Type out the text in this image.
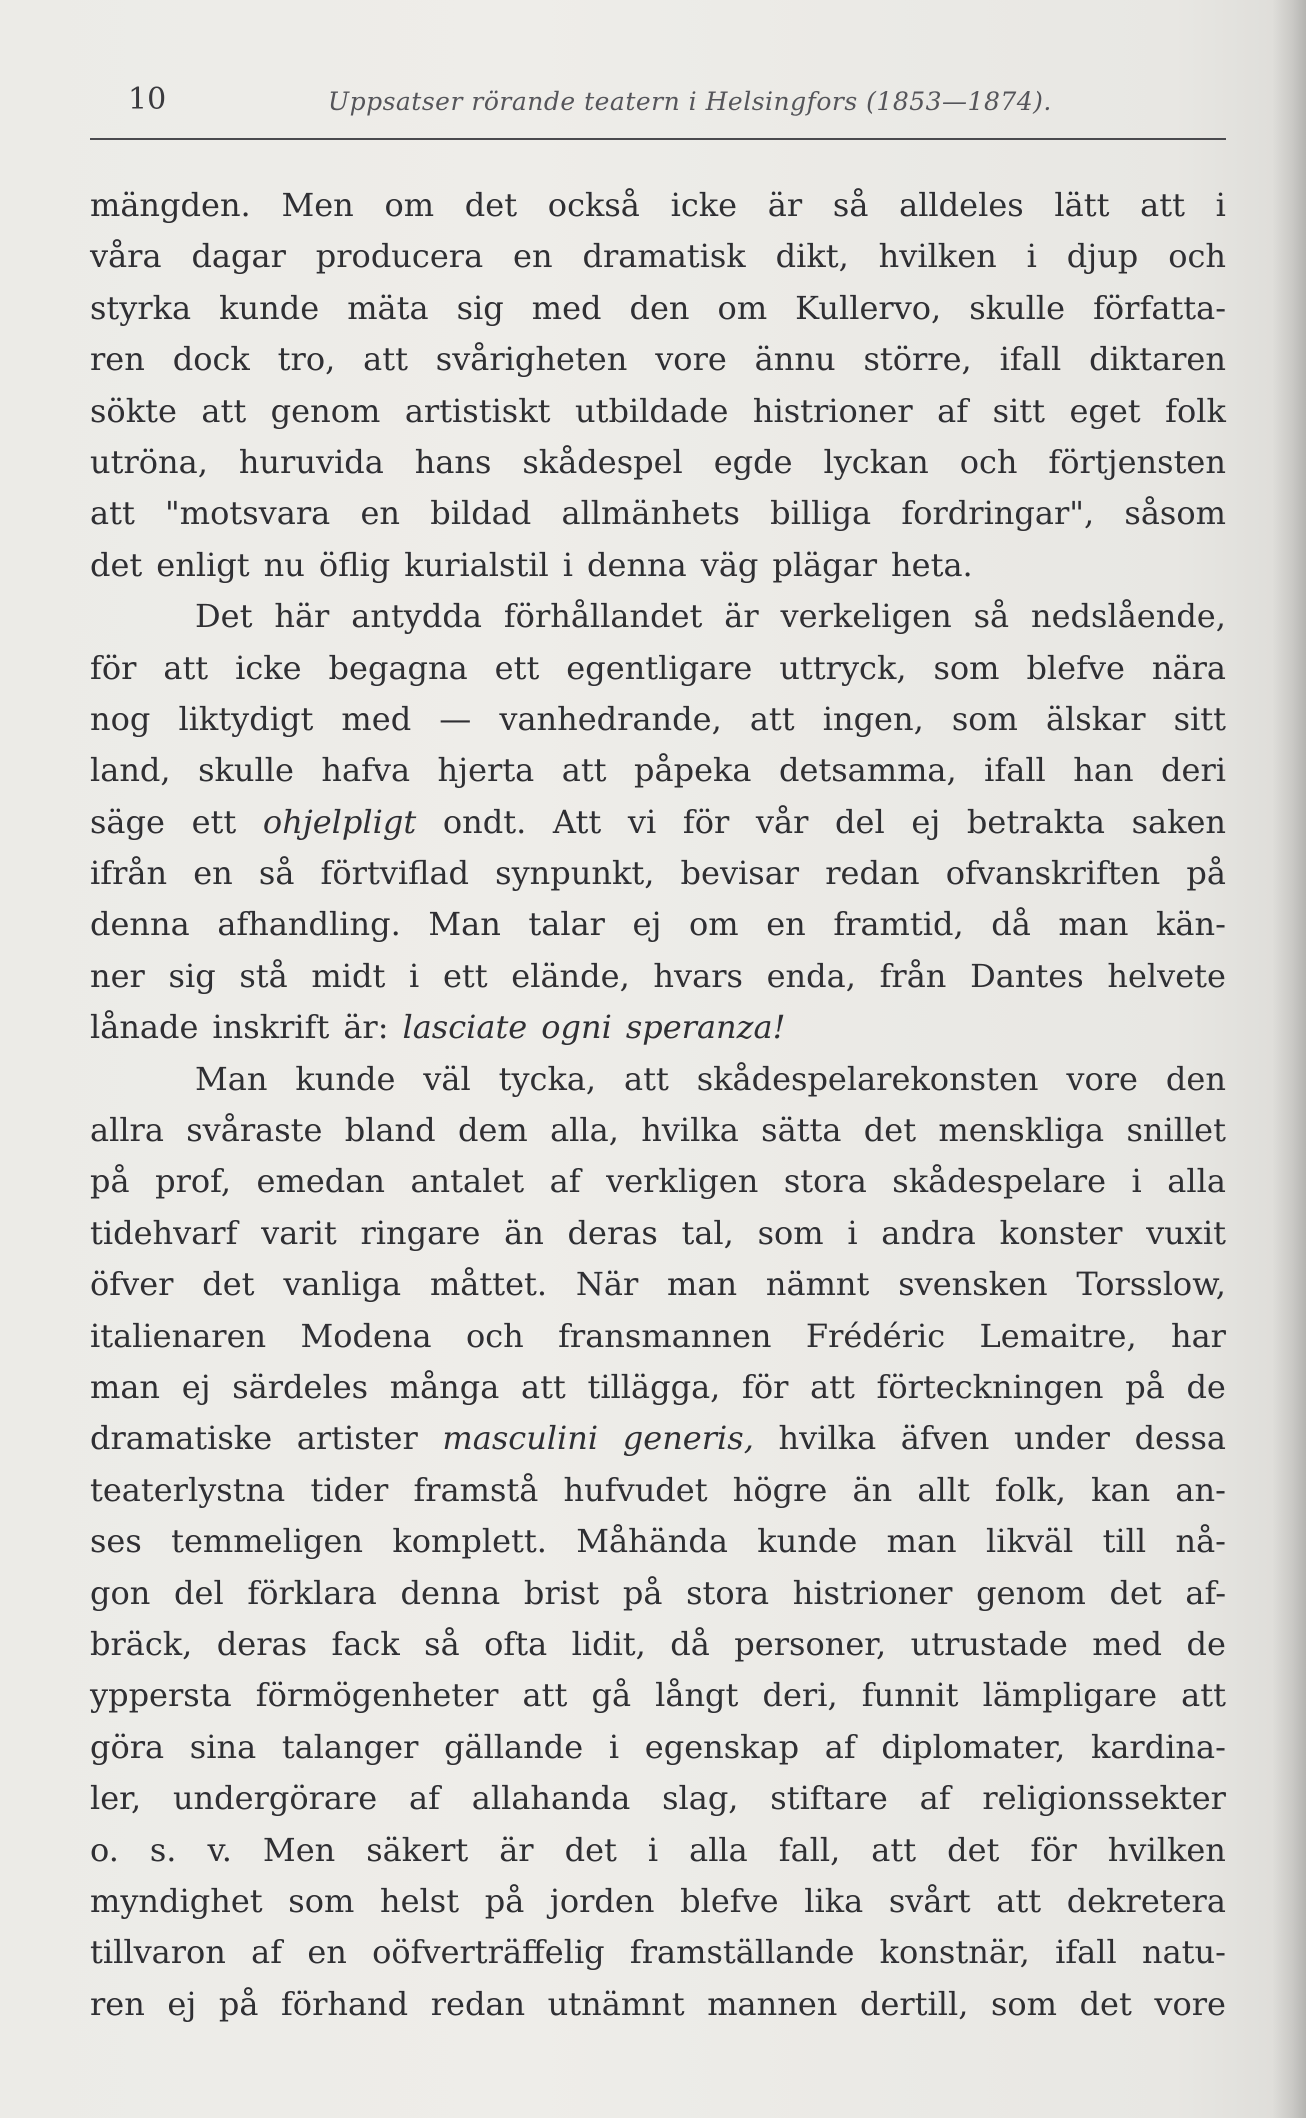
10	Uppsatser rörande teatern i Helsingfors (1853—1874).
mängden. Men om det också icke är så alldeles lätt att i
våra dagar producera en dramatisk dikt, hvilken i djup och
styrka kunde mäta sig med den om Kullervo, skulle författa-
ren dock tro, att svårigheten vore ännu större, ifall diktaren
sökte att genom artistiskt utbildade histrioner af sitt eget folk
utröna, huruvida hans skådespel egde lyckan och förtjensten
att "motsvara en bildad allmänhets billiga fordringar", såsom
det enligt nu öflig kurialstil i denna väg plägar heta.
Det här antydda förhållandet är verkeligen så nedslående,
för att icke begagna ett egentligare uttryck, som blefve nära
nog liktydigt med — vanhedrande, att ingen, som älskar sitt
land, skulle hafva hjerta att påpeka detsamma, ifall han deri
säge ett ohjelpligt ondt. Att vi för vår del ej betrakta saken
ifrån en så förtviflad synpunkt, bevisar redan ofvanskriften på
denna afhandling. Man talar ej om en framtid, då man kän-
ner sig stå midt i ett elände, hvars enda, från Dantes helvete
lånade inskrift är: lasciate ogni speranza!
Man kunde väl tycka, att skådespelarekonsten vore den
allra svåraste bland dem alla, hvilka sätta det menskliga snillet
på prof, emedan antalet af verkligen stora skådespelare i alla
tidehvarf varit ringare än deras tal, som i andra konster vuxit
öfver det vanliga måttet. När man nämnt svensken Torsslow,
italienaren Modena och fransmannen Frédéric Lemaitre, har
man ej särdeles många att tillägga, för att förteckningen på de
dramatiske artister masculini generis, hvilka äfven under dessa
teaterlystna tider framstå hufvudet högre än allt folk, kan an-
ses temmeligen komplett. Måhända kunde man likväl till nå-
gon del förklara denna brist på stora histrioner genom det af-
bräck, deras fack så ofta lidit, då personer, utrustade med de
yppersta förmögenheter att gå långt deri, funnit lämpligare att
göra sina talanger gällande i egenskap af diplomater, kardina-
ler, undergörare af allahanda slag, stiftare af religionssekter
o. s. v. Men säkert är det i alla fall, att det för hvilken
myndighet som helst på jorden blefve lika svårt att dekretera
tillvaron af en oöfverträffelig framställande konstnär, ifall natu-
ren ej på förhand redan utnämnt mannen dertill, som det vore
